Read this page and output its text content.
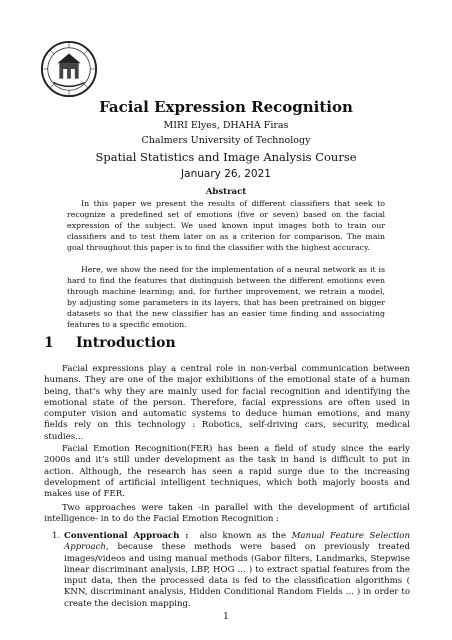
Facial Expression Recognition
MIRI Elyes, DHAHA Firas
Chalmers University of Technology
Spatial Statistics and Image Analysis Course
January 26, 2021
Abstract

In this paper we present the results of different classifiers that seek to recognize a predefined set of emotions (five or seven) based on the facial expression of the subject. We used known input images both to train our classifiers and to test them later on as a criterion for comparison. The main goal throughout this paper is to find the classifier with the highest accuracy.

Here, we show the need for the implementation of a neural network as it is hard to find the features that distinguish between the different emotions even through machine learning; and, for further improvement, we retrain a model, by adjusting some parameters in its layers, that has been pretrained on bigger datasets so that the new classifier has an easier time finding and associating features to a specific emotion.

1 Introduction

Facial expressions play a central role in non-verbal communication between humans. They are one of the major exhibitions of the emotional state of a human being, that’s why they are mainly used for facial recognition and identifying the emotional state of the person. Therefore, facial expressions are often used in computer vision and automatic systems to deduce human emotions, and many fields rely on this technology : Robotics, self-driving cars, security, medical studies...

Facial Emotion Recognition(FER) has been a field of study since the early 2000s and it’s still under development as the task in hand is difficult to put in action. Although, the research has seen a rapid surge due to the increasing development of artificial intelligent techniques, which both majorly boosts and makes use of FER.

Two approaches were taken -in parallel with the development of artificial intelligence- in to do the Facial Emotion Recognition :

1. Conventional Approach : also known as the Manual Feature Selection Approach, because these methods were based on previously treated images/videos and using manual methods (Gabor filters, Landmarks, Stepwise linear discriminant analysis, LBP, HOG ... ) to extract spatial features from the input data, then the processed data is fed to the classification algorithms ( KNN, discriminant analysis, Hidden Conditional Random Fields ... ) in order to create the decision mapping.
1
